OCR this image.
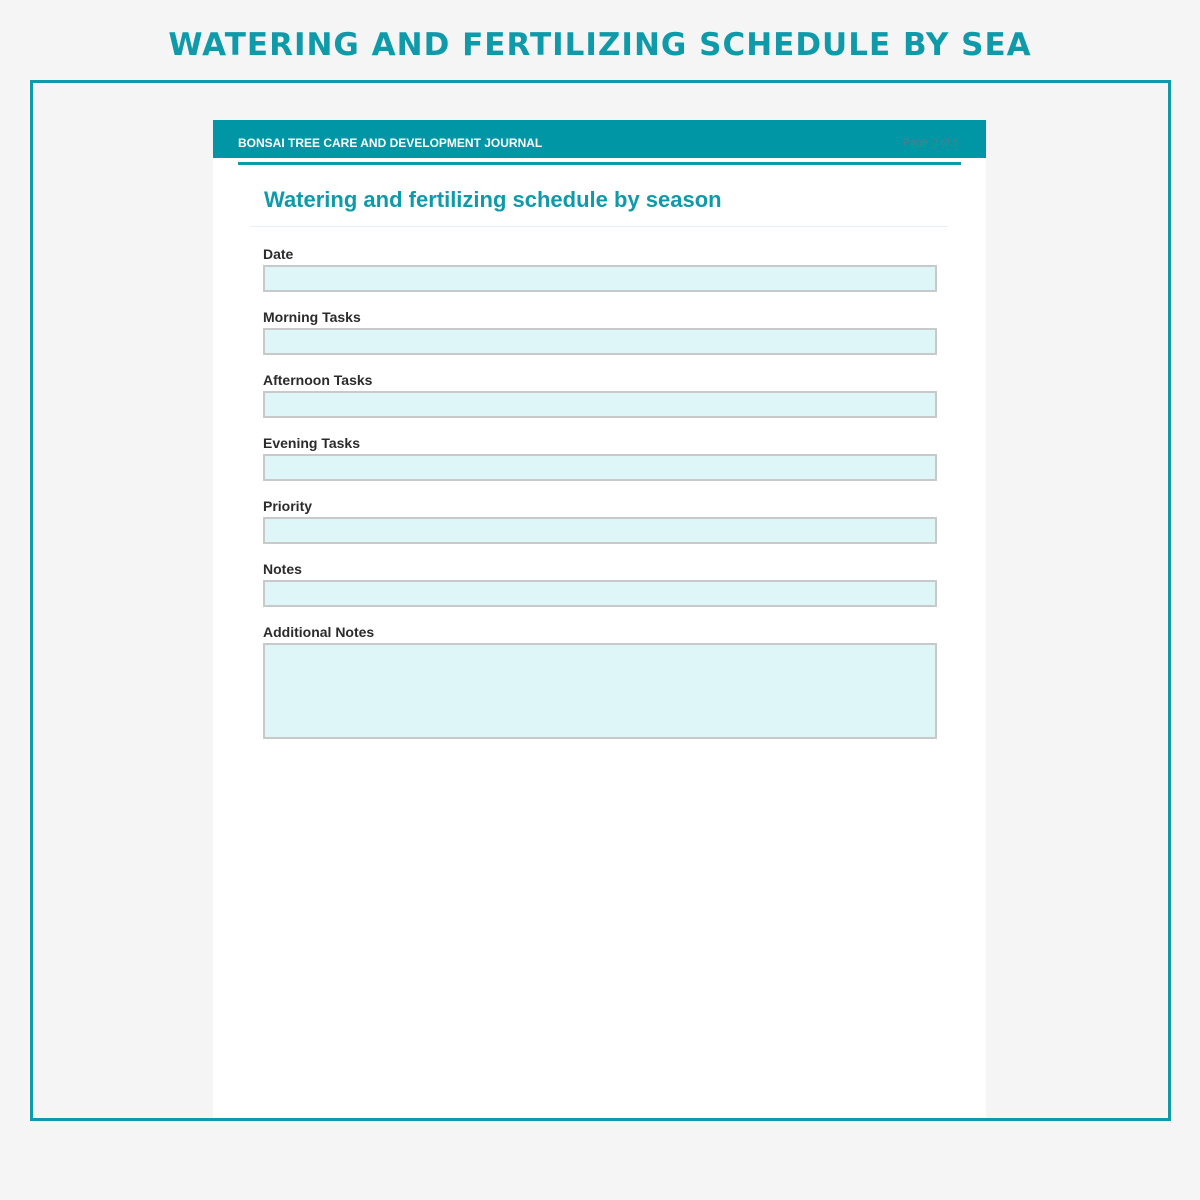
WATERING AND FERTILIZING SCHEDULE BY SEA
BONSAI TREE CARE AND DEVELOPMENT JOURNAL	Page 2 of 5
Watering and fertilizing schedule by season
Date
Morning Tasks
Afternoon Tasks
Evening Tasks
Priority
Notes
Additional Notes
